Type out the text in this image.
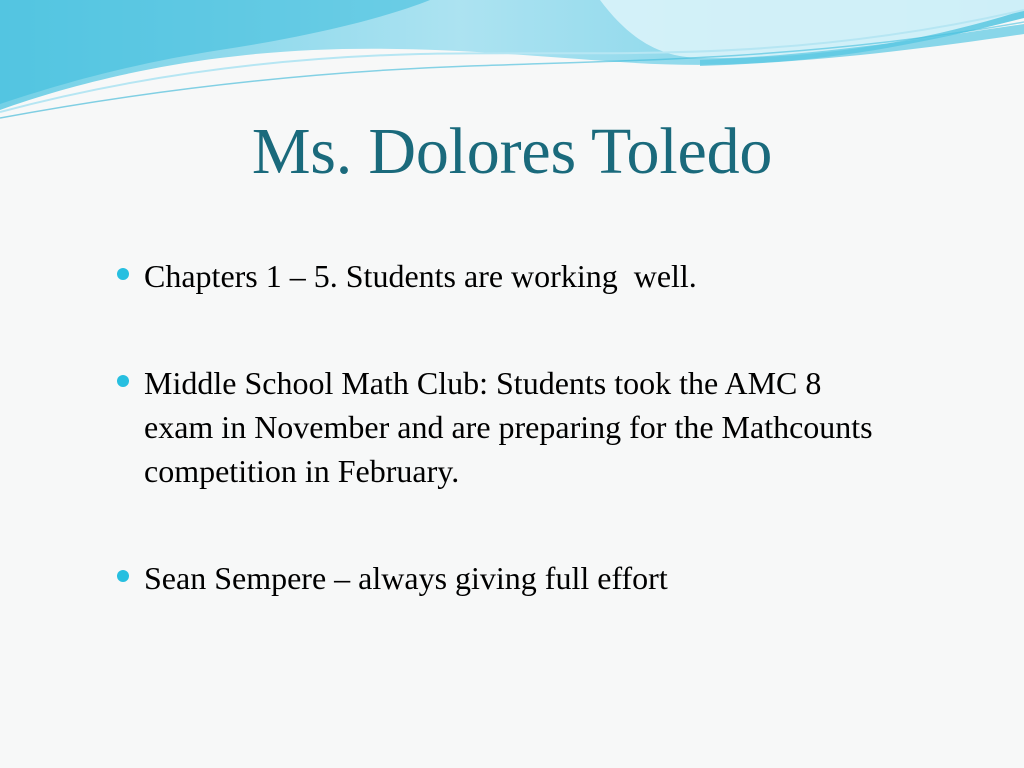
Ms. Dolores Toledo
Chapters 1 – 5. Students are working  well.
Middle School Math Club: Students took the AMC 8 exam in November and are preparing for the Mathcounts competition in February.
Sean Sempere – always giving full effort
